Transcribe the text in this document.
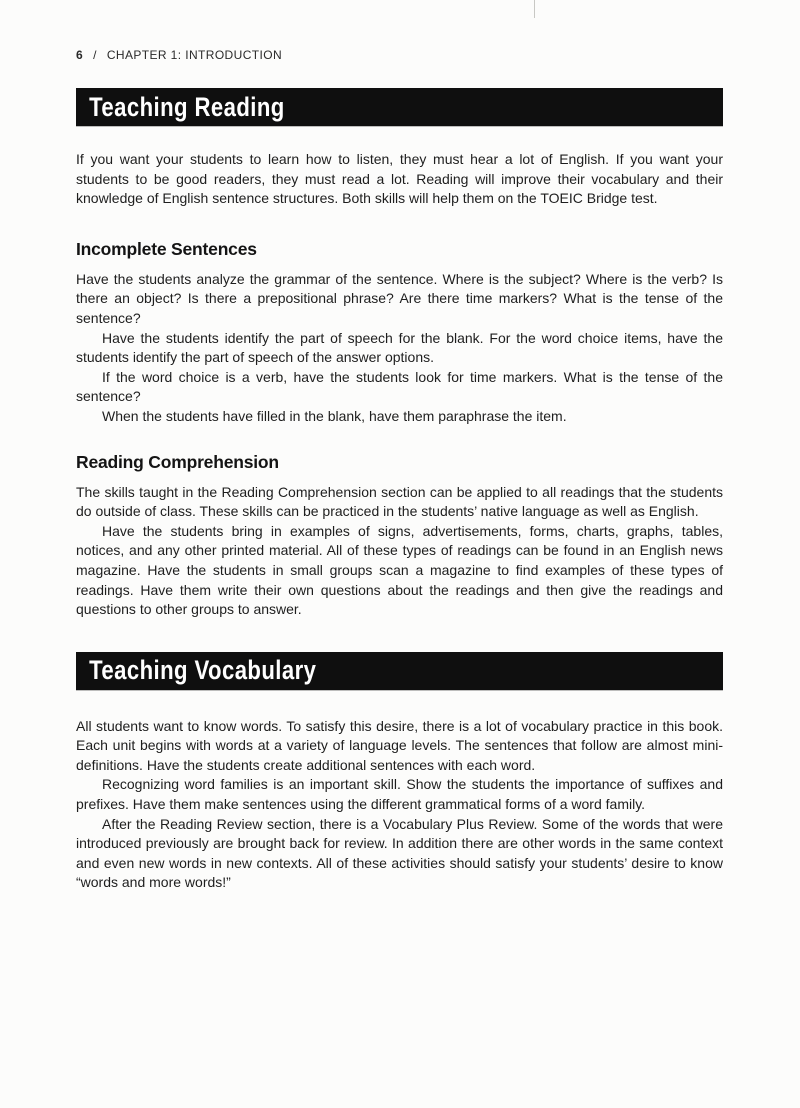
6 / CHAPTER 1: INTRODUCTION
Teaching Reading

If you want your students to learn how to listen, they must hear a lot of English. If you want your students to be good readers, they must read a lot. Reading will improve their vocabulary and their knowledge of English sentence structures. Both skills will help them on the TOEIC Bridge test.

Incomplete Sentences

Have the students analyze the grammar of the sentence. Where is the subject? Where is the verb? Is there an object? Is there a prepositional phrase? Are there time markers? What is the tense of the sentence?

Have the students identify the part of speech for the blank. For the word choice items, have the students identify the part of speech of the answer options.

If the word choice is a verb, have the students look for time markers. What is the tense of the sentence?

When the students have filled in the blank, have them paraphrase the item.

Reading Comprehension

The skills taught in the Reading Comprehension section can be applied to all readings that the students do outside of class. These skills can be practiced in the students’ native language as well as English.

Have the students bring in examples of signs, advertisements, forms, charts, graphs, tables, notices, and any other printed material. All of these types of readings can be found in an English news magazine. Have the students in small groups scan a magazine to find examples of these types of readings. Have them write their own questions about the readings and then give the readings and questions to other groups to answer.

Teaching Vocabulary

All students want to know words. To satisfy this desire, there is a lot of vocabulary practice in this book. Each unit begins with words at a variety of language levels. The sentences that follow are almost mini-definitions. Have the students create additional sentences with each word.

Recognizing word families is an important skill. Show the students the importance of suffixes and prefixes. Have them make sentences using the different grammatical forms of a word family.

After the Reading Review section, there is a Vocabulary Plus Review. Some of the words that were introduced previously are brought back for review. In addition there are other words in the same context and even new words in new contexts. All of these activities should satisfy your students’ desire to know “words and more words!”
